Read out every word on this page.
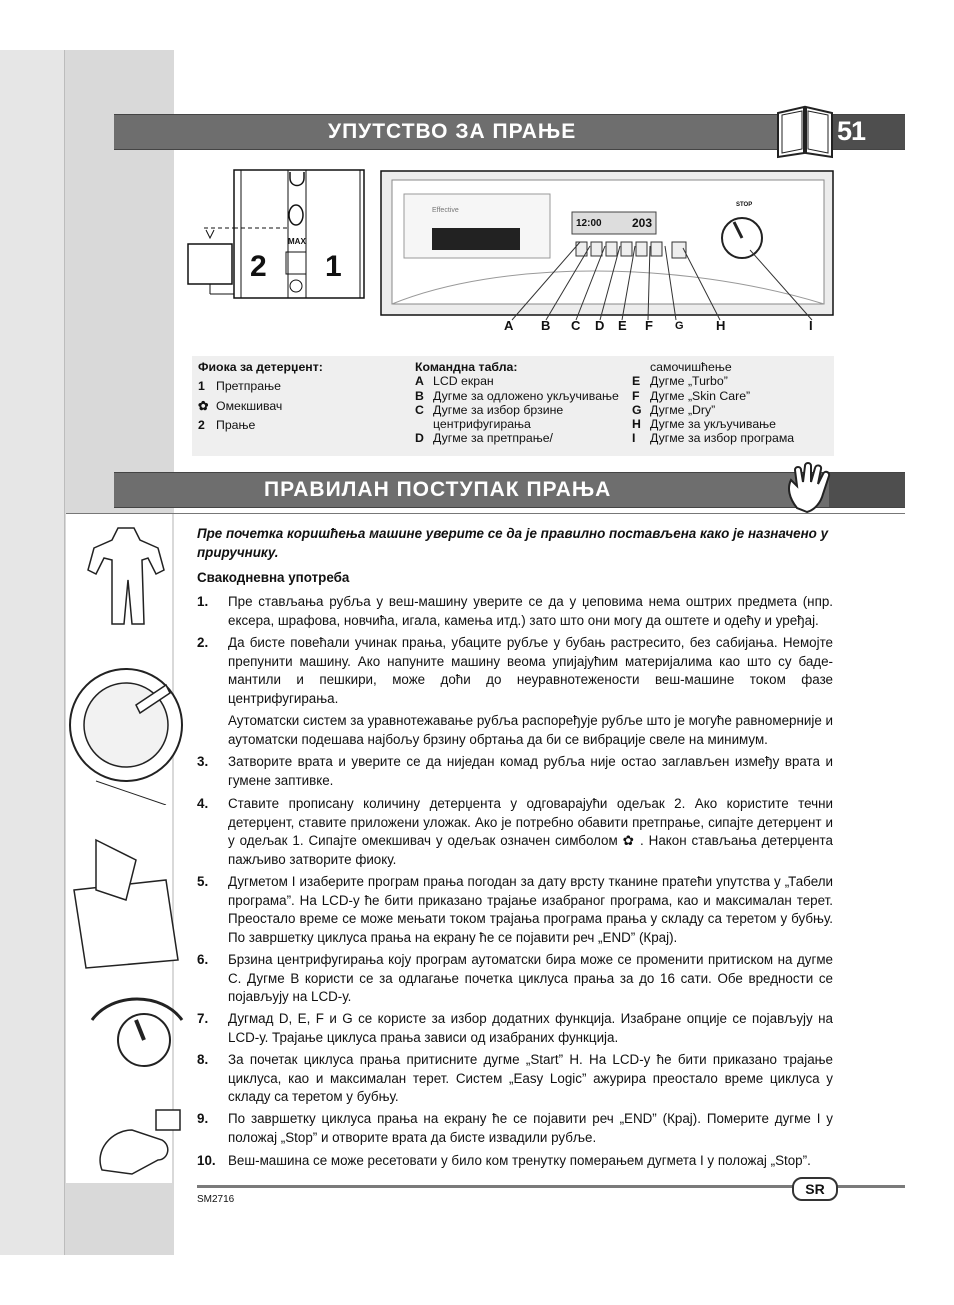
УПУТСТВО ЗА ПРАЊЕ	51
2 1
MAX
Effective
12:00	203
STOP
A B C D E F G H	I
Фиока за детерџент:
1 Претпрање
✿ Омекшивач
2 Прање
Командна табла:
A LCD екран
B Дугме за одложено укључивање
C Дугме за избор брзине
центрифугирања
D Дугме за претпрање/
самочишћење
E Дугме „Turbo”
F Дугме „Skin Care”
G Дугме „Dry”
H Дугме за укључивање
I	Дугме за избор програма
ПРАВИЛАН ПОСТУПАК ПРАЊА
Пре почетка коришћења машине уверите се да је правилно постављена како је назначено у приручнику.
Свакодневна употреба
1. Пре стављања рубља у веш-машину уверите се да у џеповима нема оштрих предмета (нпр. ексера, шрафова, новчића, игала, камења итд.) зато што они могу да оштете и одећу и уређај.
2. Да бисте повећали учинак прања, убаците рубље у бубањ растресито, без сабијања. Немојте препунити машину. Ако напуните машину веома упијајућим материјалима као што су баде-мантили и пешкири, може доћи до неуравнотежености веш-машине током фазе центрифугирања.
Аутоматски систем за уравнотежавање рубља распоређује рубље што је могуће равномерније и аутоматски подешава најбољу брзину обртања да би се вибрације свеле на минимум.
3. Затворите врата и уверите се да ниједан комад рубља није остао заглављен између врата и гумене заптивке.
4. Ставите прописану количину детерџента у одговарајући одељак 2. Ако користите течни детерџент, ставите приложени уложак. Ако је потребно обавити претпрање, сипајте детерџент и у одељак 1. Сипајте омекшивач у одељак означен симболом ✿ . Након стављања детерџента пажљиво затворите фиоку.
5. Дугметом I изаберите програм прања погодан за дату врсту тканине пратећи упутства у „Табели програма”. На LCD-у ће бити приказано трајање изабраног програма, као и максималан терет. Преостало време се може мењати током трајања програма прања у складу са теретом у бубњу. По завршетку циклуса прања на екрану ће се појавити реч „END” (Крај).
6. Брзина центрифугирања коју програм аутоматски бира може се променити притиском на дугме C. Дугме B користи се за одлагање почетка циклуса прања за до 16 сати. Обе вредности се појављују на LCD-у.
7. Дугмад D, E, F и G се користе за избор додатних функција. Изабране опције се појављују на LCD-у. Трајање циклуса прања зависи од изабраних функција.
8. За почетак циклуса прања притисните дугме „Start” H. На LCD-у ће бити приказано трајање циклуса, као и максималан терет. Систем „Easy Logic” ажурира преостало време циклуса у складу са теретом у бубњу.
9. По завршетку циклуса прања на екрану ће се појавити реч „END” (Крај). Померите дугме I у положај „Stop” и отворите врата да бисте извадили рубље.
10. Веш-машина се може ресетовати у било ком тренутку померањем дугмета I у положај „Stop”.
SR
SM2716
